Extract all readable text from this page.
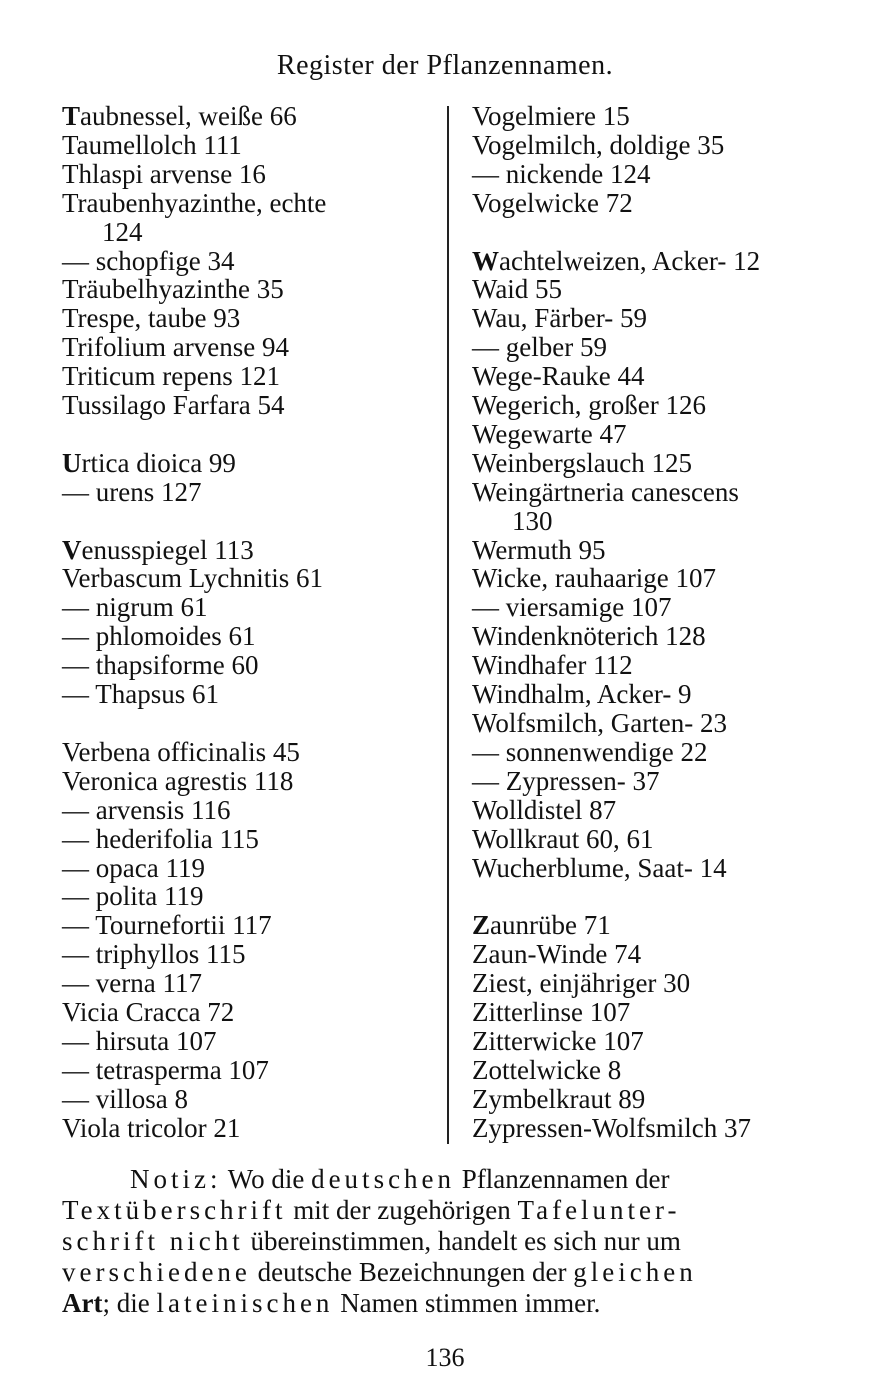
Register der Pflanzennamen.
Taubnessel, weiße 66
Taumellolch 111
Thlaspi arvense 16
Traubenhyazinthe, echte
124
— schopfige 34
Träubelhyazinthe 35
Trespe, taube 93
Trifolium arvense 94
Triticum repens 121
Tussilago Farfara 54
Urtica dioica 99
— urens 127
Venusspiegel 113
Verbascum Lychnitis 61
— nigrum 61
— phlomoides 61
— thapsiforme 60
— Thapsus 61
Verbena officinalis 45
Veronica agrestis 118
— arvensis 116
— hederifolia 115
— opaca 119
— polita 119
— Tournefortii 117
— triphyllos 115
— verna 117
Vicia Cracca 72
— hirsuta 107
— tetrasperma 107
— villosa 8
Viola tricolor 21
Vogelmiere 15
Vogelmilch, doldige 35
— nickende 124
Vogelwicke 72
Wachtelweizen, Acker- 12
Waid 55
Wau, Färber- 59
— gelber 59
Wege-Rauke 44
Wegerich, großer 126
Wegewarte 47
Weinbergslauch 125
Weingärtneria canescens
130
Wermuth 95
Wicke, rauhaarige 107
— viersamige 107
Windenknöterich 128
Windhafer 112
Windhalm, Acker- 9
Wolfsmilch, Garten- 23
— sonnenwendige 22
— Zypressen- 37
Wolldistel 87
Wollkraut 60, 61
Wucherblume, Saat- 14
Zaunrübe 71
Zaun-Winde 74
Ziest, einjähriger 30
Zitterlinse 107
Zitterwicke 107
Zottelwicke 8
Zymbelkraut 89
Zypressen-Wolfsmilch 37
Notiz: Wo die deutschen Pflanzennamen der
Textüberschrift mit der zugehörigen Tafelunter-
schrift nicht übereinstimmen, handelt es sich nur um
verschiedene deutsche Bezeichnungen der gleichen
Art; die lateinischen Namen stimmen immer.
136
